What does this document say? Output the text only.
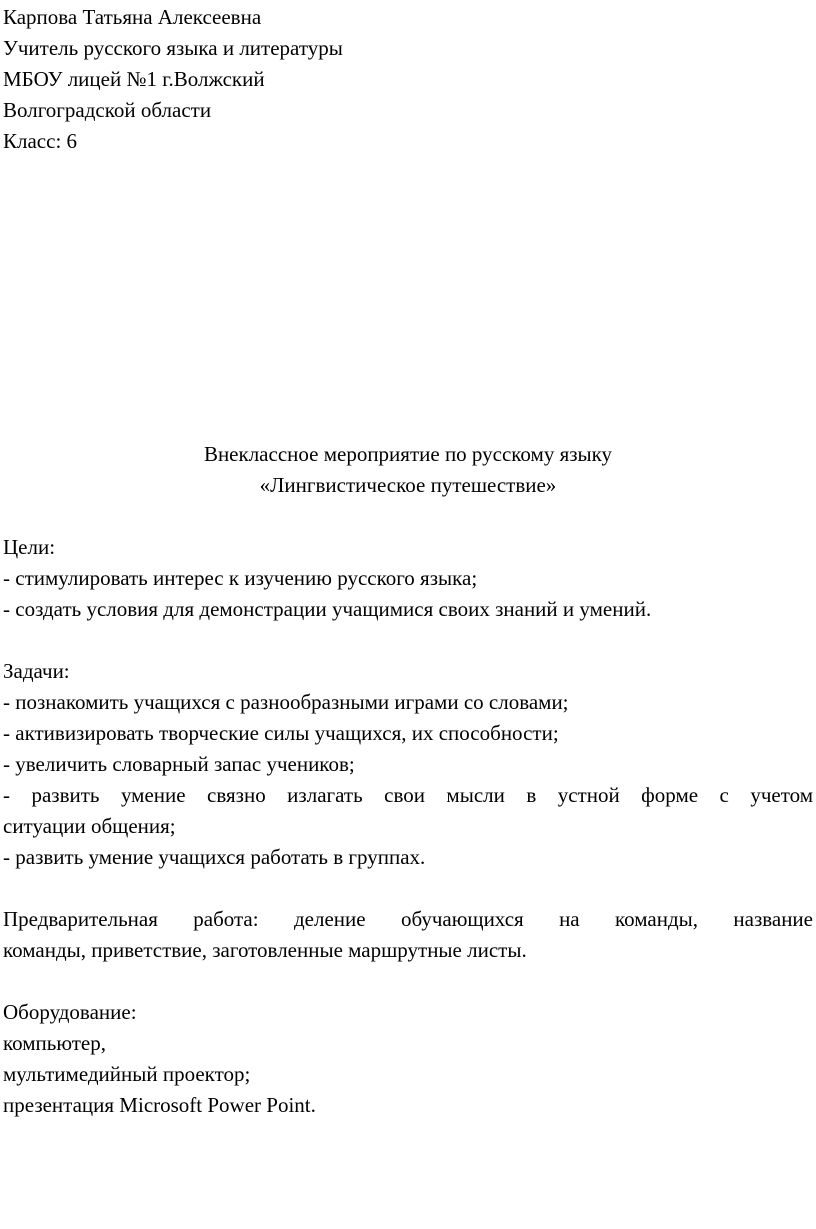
Карпова Татьяна Алексеевна
Учитель русского языка и литературы
МБОУ лицей №1 г.Волжский
Волгоградской области
Класс: 6
Внеклассное мероприятие по русскому языку
«Лингвистическое путешествие»
Цели:
- стимулировать интерес к изучению русского языка;
- создать условия для демонстрации учащимися своих знаний и умений.
Задачи:
- познакомить учащихся с разнообразными играми со словами;
- активизировать творческие силы учащихся, их способности;
- увеличить словарный запас учеников;
- развить умение связно излагать свои мысли в устной форме с учетом
ситуации общения;
- развить умение учащихся работать в группах.
Предварительная работа: деление обучающихся на команды, название
команды, приветствие, заготовленные маршрутные листы.
Оборудование:
компьютер,
мультимедийный проектор;
презентация Microsoft Power Point.
